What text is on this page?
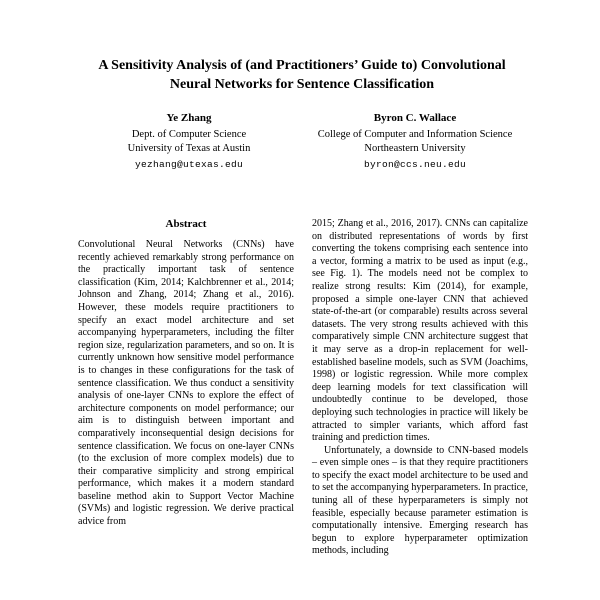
A Sensitivity Analysis of (and Practitioners’ Guide to) Convolutional Neural Networks for Sentence Classification
Ye Zhang
Dept. of Computer Science
University of Texas at Austin
yezhang@utexas.edu
Byron C. Wallace
College of Computer and Information Science
Northeastern University
byron@ccs.neu.edu
Abstract

Convolutional Neural Networks (CNNs) have recently achieved remarkably strong performance on the practically important task of sentence classification (Kim, 2014; Kalchbrenner et al., 2014; Johnson and Zhang, 2014; Zhang et al., 2016). However, these models require practitioners to specify an exact model architecture and set accompanying hyperparameters, including the filter region size, regularization parameters, and so on. It is currently unknown how sensitive model performance is to changes in these configurations for the task of sentence classification. We thus conduct a sensitivity analysis of one-layer CNNs to explore the effect of architecture components on model performance; our aim is to distinguish between important and comparatively inconsequential design decisions for sentence classification. We focus on one-layer CNNs (to the exclusion of more complex models) due to their comparative simplicity and strong empirical performance, which makes it a modern standard baseline method akin to Support Vector Machine (SVMs) and logistic regression. We derive practical advice from

2015; Zhang et al., 2016, 2017). CNNs can capitalize on distributed representations of words by first converting the tokens comprising each sentence into a vector, forming a matrix to be used as input (e.g., see Fig. 1). The models need not be complex to realize strong results: Kim (2014), for example, proposed a simple one-layer CNN that achieved state-of-the-art (or comparable) results across several datasets. The very strong results achieved with this comparatively simple CNN architecture suggest that it may serve as a drop-in replacement for well-established baseline models, such as SVM (Joachims, 1998) or logistic regression. While more complex deep learning models for text classification will undoubtedly continue to be developed, those deploying such technologies in practice will likely be attracted to simpler variants, which afford fast training and prediction times.

Unfortunately, a downside to CNN-based models – even simple ones – is that they require practitioners to specify the exact model architecture to be used and to set the accompanying hyperparameters. In practice, tuning all of these hyperparameters is simply not feasible, especially because parameter estimation is computationally intensive. Emerging research has begun to explore hyperparameter optimization methods, including
